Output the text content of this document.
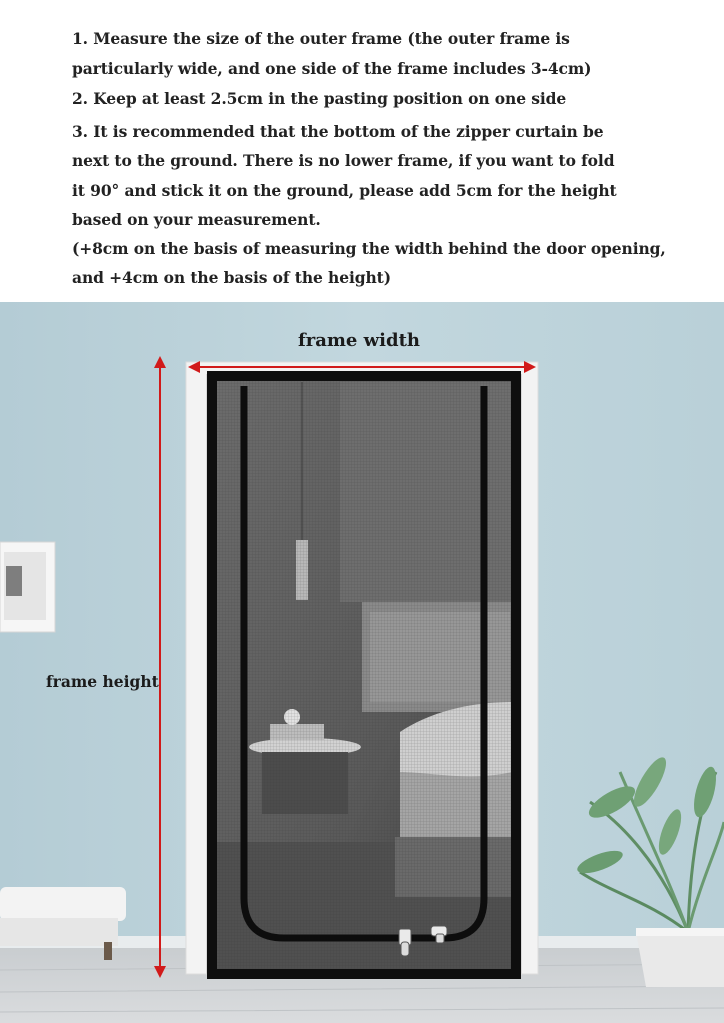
1. Measure the size of the outer frame (the outer frame is
particularly wide, and one side of the frame includes 3-4cm)
2. Keep at least 2.5cm in the pasting position on one side
3. It is recommended that the bottom of the zipper curtain be
next to the ground. There is no lower frame, if you want to fold
it 90° and stick it on the ground, please add 5cm for the height
based on your measurement.
(+8cm on the basis of measuring the width behind the door opening,
and +4cm on the basis of the height)
frame width
frame height
